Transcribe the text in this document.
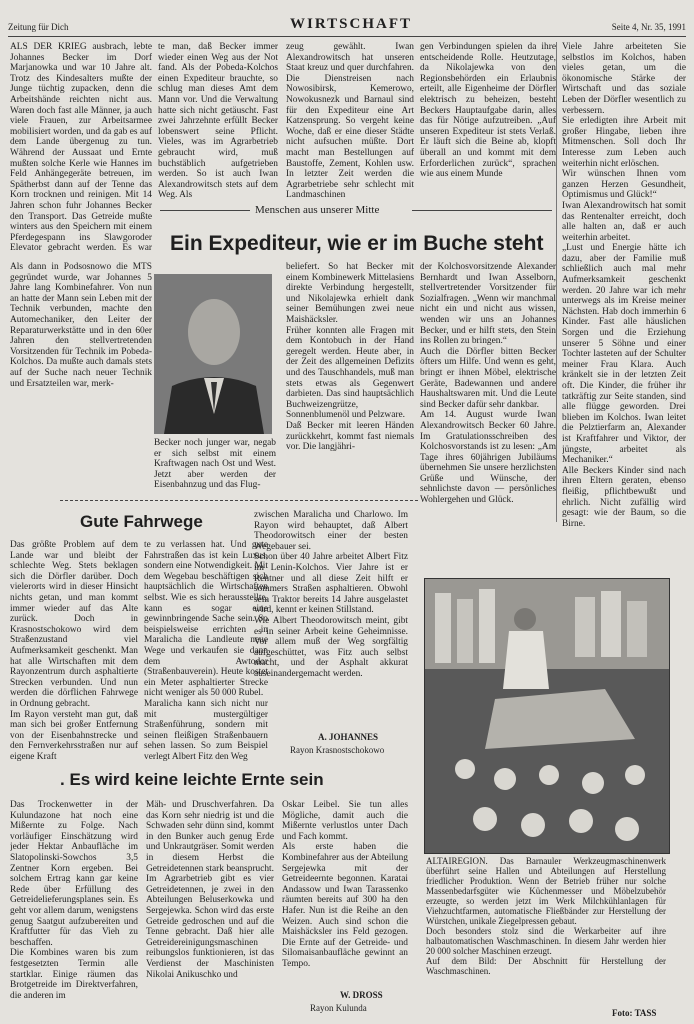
Zeitung für Dich	WIRTSCHAFT	Seite 4, Nr. 35, 1991
ALS DER KRIEG ausbrach, lebte Johannes Becker im Dorf Marjanowka und war 10 Jahre alt. Trotz des Kindesalters mußte der Junge tüchtig zupacken, denn die Arbeitshände reichten nicht aus. Waren doch fast alle Männer, ja auch viele Frauen, zur Arbeitsarmee mobilisiert worden, und da gab es auf dem Lande übergenug zu tun. Während der Aussaat und Ernte mußten solche Kerle wie Hannes im Feld Anhängegeräte betreuen, im Spätherbst dann auf der Tenne das Korn trocknen und reinigen. Mit 14 Jahren schon fuhr Johannes Becker den Transport. Das Getreide mußte winters aus den Speichern mit einem Pferdegespann ins Slawgoroder Elevator gebracht werden. Es war
te man, daß Becker immer wieder einen Weg aus der Not fand. Als der Pobeda-Kolchos einen Expediteur brauchte, so schlug man dieses Amt dem Mann vor. Und die Verwaltung hatte sich nicht getäuscht. Fast zwei Jahrzehnte erfüllt Becker lobenswert seine Pflicht. Vieles, was im Agrarbetrieb gebraucht wird, muß buchstäblich aufgetrieben werden. So ist auch Iwan Alexandrowitsch stets auf dem Weg. Als
zeug gewählt. Iwan Alexandrowitsch hat unseren Staat kreuz und quer durchfahren. Die Dienstreisen nach Nowosibirsk, Kemerowo, Nowokusnezk und Barnaul sind für den Expediteur eine Art Katzensprung. So vergeht keine Woche, daß er eine dieser Städte nicht aufsuchen müßte. Dort macht man Bestellungen auf Baustoffe, Zement, Kohlen usw. In letzter Zeit werden die Agrarbetriebe sehr schlecht mit Landmaschinen
gen Verbindungen spielen da ihre entscheidende Rolle. Heutzutage, da Nikolajewka von den Regionsbehörden ein Erlaubnis erteilt, alle Eigenheime der Dörfler elektrisch zu beheizen, besteht Beckers Hauptaufgabe darin, alles das für Nötige aufzutreiben. „Auf unseren Expediteur ist stets Verlaß. Er läuft sich die Beine ab, klopft überall an und kommt mit dem Erforderlichen zurück“, sprachen wie aus einem Munde
Viele Jahre arbeiteten Sie selbstlos im Kolchos, haben vieles getan, um die ökonomische Stärke der Wirtschaft und das soziale Leben der Dörfler wesentlich zu verbessern.
Sie erledigten ihre Arbeit mit großer Hingabe, lieben ihre Mitmenschen. Soll doch Ihr Interesse zum Leben auch weiterhin nicht erlöschen.
Wir wünschen Ihnen vom ganzen Herzen Gesundheit, Optimismus und Glück!“
Iwan Alexandrowitsch hat somit das Rentenalter erreicht, doch alle halten an, daß er auch weiterhin arbeitet.
„Lust und Energie hätte ich dazu, aber der Familie muß schließlich auch mal mehr Aufmerksamkeit geschenkt werden. 20 Jahre war ich mehr unterwegs als im Kreise meiner Nächsten. Hab doch immerhin 6 Kinder. Fast alle häuslichen Sorgen und die Erziehung unserer 5 Söhne und einer Tochter lasteten auf der Schulter meiner Frau Klara. Auch kränkelt sie in der letzten Zeit oft. Die Kinder, die früher ihr tatkräftig zur Seite standen, sind alle flügge geworden. Drei blieben im Kolchos. Iwan leitet die Pelztierfarm an, Alexander ist Kraftfahrer und Viktor, der jüngste, arbeitet als Mechaniker.“
Alle Beckers Kinder sind nach ihren Eltern geraten, ebenso fleißig, pflichtbewußt und ehrlich. Nicht zufällig wird gesagt: wie der Baum, so die Birne.
Menschen aus unserer Mitte
Ein Expediteur, wie er im Buche steht
Als dann in Podsosnowo die MTS gegründet wurde, war Johannes 5 Jahre lang Kombinefahrer. Von nun an hatte der Mann sein Leben mit der Technik verbunden, machte den Automechaniker, den Leiter der Reparaturwerkstätte und in den 60er Jahren den stellvertretenden Vorsitzenden für Technik im Pobeda-Kolchos. Da mußte auch damals stets auf der Suche nach neuer Technik und Ersatzteilen war, merk-
Becker noch junger war, negab er sich selbst mit einem Kraftwagen nach Ost und West. Jetzt aber werden der Eisenbahnzug und das Flug-
beliefert. So hat Becker mit einem Kombinewerk Mittelasiens direkte Verbindung hergestellt, und Nikolajewka erhielt dank seiner Bemühungen zwei neue Maishäcksler.
Früher konnten alle Fragen mit dem Kontobuch in der Hand geregelt werden. Heute aber, in der Zeit des allgemeinen Defizits und des Tauschhandels, muß man stets etwas als Gegenwert darbieten. Das sind hauptsächlich Buchweizengrütze, Sonnenblumenöl und Pelzware.
Daß Becker mit leeren Händen zurückkehrt, kommt fast niemals vor. Die langjähri-
der Kolchosvorsitzende Alexander Bernhardt und Iwan Asselborn, stellvertretender Vorsitzender für Sozialfragen. „Wenn wir manchmal nicht ein und nicht aus wissen, wenden wir uns an Johannes Becker, und er hilft stets, den Stein ins Rollen zu bringen.“
Auch die Dörfler bitten Becker öfters um Hilfe. Und wenn es geht, bringt er ihnen Möbel, elektrische Geräte, Badewannen und andere Haushaltswaren mit. Und die Leute sind Becker dafür sehr dankbar.
Am 14. August wurde Iwan Alexandrowitsch Becker 60 Jahre. Im Gratulationsschreiben des Kolchosvorstands ist zu lesen: „Am Tage ihres 60jährigen Jubiläums übernehmen Sie unsere herzlichsten Grüße und Wünsche, der sehnlichste davon — persönliches Wohlergehen und Glück.
Gute Fahrwege
Das größte Problem auf dem Lande war und bleibt der schlechte Weg. Stets beklagen sich die Dörfler darüber. Doch vielerorts wird in dieser Hinsicht nichts getan, und man kommt immer wieder auf das Alte zurück. Doch in Krasnostschokowo wird dem Straßenzustand viel Aufmerksamkeit geschenkt. Man hat alle Wirtschaften mit dem Rayonzentrum durch asphaltierte Strecken verbunden. Und nun werden die dörflichen Fahrwege in Ordnung gebracht.
Im Rayon versteht man gut, daß man sich bei großer Entfernung von der Eisenbahnstrecke und den Fernverkehrsstraßen nur auf eigene Kraft
te zu verlassen hat. Und gute Fahrstraßen das ist kein Luxus, sondern eine Notwendigkeit. Mit dem Wegebau beschäftigen sich hauptsächlich die Wirtschaften selbst. Wie es sich herausstellte, kann es sogar eine gewinnbringende Sache sein. So beispielsweise errichten in Maralicha die Landleute neue Wege und verkaufen sie dann dem Awtodor (Straßenbauverein). Heute kostet ein Meter asphaltierter Strecke nicht weniger als 50 000 Rubel.
Maralicha kann sich nicht nur mit mustergültiger Straßenführung, sondern mit seinen fleißigen Straßenbauern sehen lassen. So zum Beispiel verlegt Albert Fitz den Weg
zwischen Maralicha und Charlowo. Im Rayon wird behauptet, daß Albert Theodorowitsch einer der besten Wegebauer sei.
Schon über 40 Jahre arbeitet Albert Fitz im Lenin-Kolchos. Vier Jahre ist er Rentner und all diese Zeit hilft er sommers Straßen asphaltieren. Obwohl sein Traktor bereits 14 Jahre ausgelastet wird, kennt er keinen Stillstand.
Wie Albert Theodorowitsch meint, gibt es in seiner Arbeit keine Geheimnisse. Vor allem muß der Weg sorgfältig aufgeschüttet, was Fitz auch selbst macht, und der Asphalt akkurat auseinandergemacht werden.
A. JOHANNES
Rayon Krasnostschokowo
. Es wird keine leichte Ernte sein
Das Trockenwetter in der Kulundazone hat noch eine Mißernte zu Folge. Nach vorläufiger Einschätzung wird jeder Hektar Anbaufläche im Slatopolinski-Sowchos 3,5 Zentner Korn ergeben. Bei solchem Ertrag kann gar keine Rede über Erfüllung des Getreidelieferungsplanes sein. Es geht vor allem darum, wenigstens genug Saatgut aufzubereiten und Kraftfutter für das Vieh zu beschaffen.
Die Kombines waren bis zum festgesetzten Termin alle startklar. Einige räumen das Brotgetreide im Direktverfahren, die anderen im
Mäh- und Druschverfahren. Da das Korn sehr niedrig ist und die Schwaden sehr dünn sind, kommt in den Bunker auch genug Erde und Unkrautgräser. Somit werden in diesem Herbst die Getreidetennen stark beansprucht. Im Agrarbetrieb gibt es vier Getreidetennen, je zwei in den Abteilungen Beluserkowka und Sergejewka. Schon wird das erste Getreide gedroschen und auf die Tenne gebracht. Daß hier alle Getreidereinigungsmaschinen reibungslos funktionieren, ist das Verdienst der Maschinisten Nikolai Anikuschko und
Oskar Leibel. Sie tun alles Mögliche, damit auch die Mißernte verlustlos unter Dach und Fach kommt.
Als erste haben die Kombinefahrer aus der Abteilung Sergejewka mit der Getreideernte begonnen. Karatai Andassow und Iwan Tarassenko räumten bereits auf 300 ha den Hafer. Nun ist die Reihe an den Weizen. Auch sind schon die Maishäcksler ins Feld gezogen. Die Ernte auf der Getreide- und Silomaisanbaufläche gewinnt an Tempo.
W. DROSS
Rayon Kulunda
ALTAIREGION. Das Barnauler Werkzeugmaschinenwerk überführt seine Hallen und Abteilungen auf Herstellung friedlicher Produktion. Wenn der Betrieb früher nur solche Massenbedarfsgüter wie Küchenmesser und Möbelzubehör erzeugte, so werden jetzt im Werk Milchkühlanlagen für Viehzuchtfarmen, automatische Fließbänder zur Herstellung der Würstchen, unikale Ziegelpressen gebaut.
Doch besonders stolz sind die Werkarbeiter auf ihre halbautomatischen Waschmaschinen. In diesem Jahr werden hier 20 000 solcher Maschinen erzeugt.
Auf dem Bild: Der Abschnitt für Herstellung der Waschmaschinen.
Foto: TASS
